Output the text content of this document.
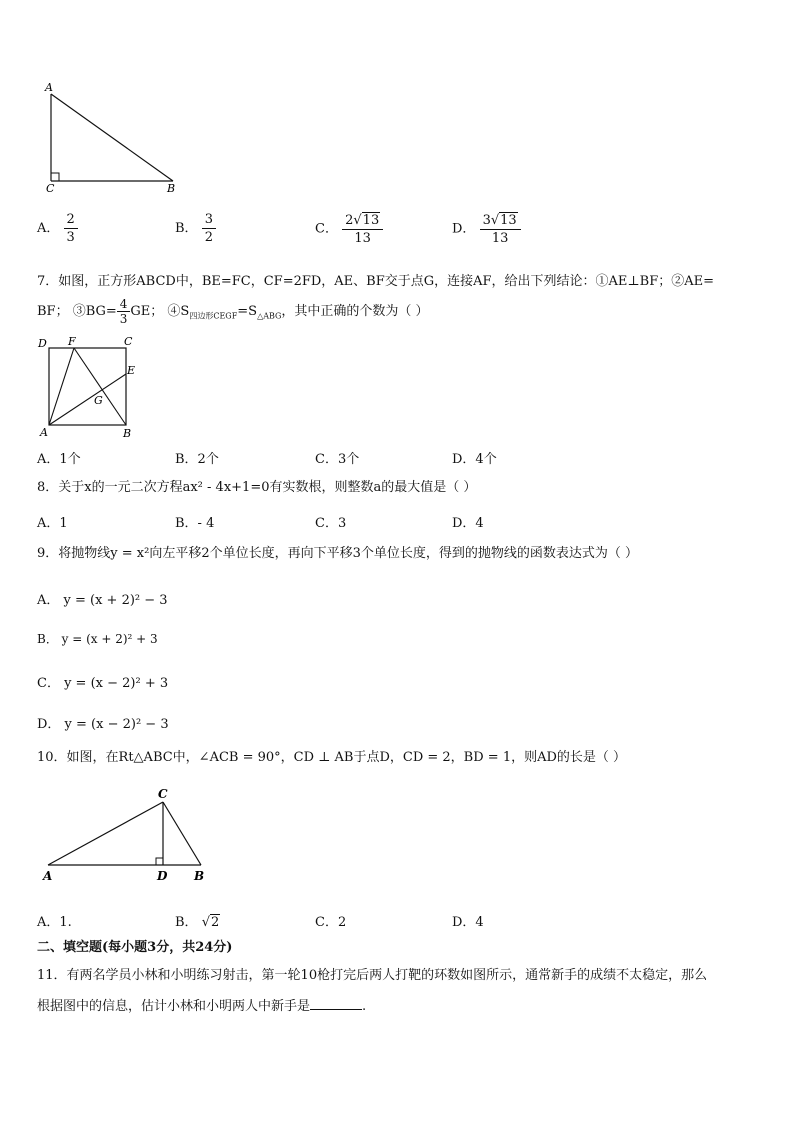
A
C	B
A． $\frac{2}{3}$	B． $\frac{3}{2}$	C． $\frac{2√13}{13}$	D． $\frac{3√13}{13}$
7．如图，正方形ABCD中，BE=FC，CF=2FD，AE、BF交于点G，连接AF，给出下列结论：①AE⊥BF；②AE=
BF； ③BG= $\frac{4}{3}$ GE； $④S_{四边形CEGF}=S_{\triangle ABG}$，其中正确的个数为（ ）
D F	C
E
G
A	B
A．1个	B．2个	C．3个	D．4个
8．关于x的一元二次方程ax² - 4x+1=0有实数根，则整数a的最大值是（ ）
A．1	B．- 4	C．3	D．4
9．将抛物线y = x²向左平移2个单位长度，再向下平移3个单位长度，得到的抛物线的函数表达式为（ ）
A． y = (x + 2)² − 3
B． y = (x + 2)² + 3
C． y = (x − 2)² + 3
D． y = (x − 2)² − 3
10．如图，在Rt△ABC中，∠ACB = 90°，CD ⊥ AB于点D，CD = 2，BD = 1，则AD的长是（ ）
C
A	D B
A．1.	B． √2	C．2	D．4
二、填空题(每小题3分，共24分)
11．有两名学员小林和小明练习射击，第一轮10枪打完后两人打靶的环数如图所示，通常新手的成绩不太稳定，那么
根据图中的信息，估计小林和小明两人中新手是	.
